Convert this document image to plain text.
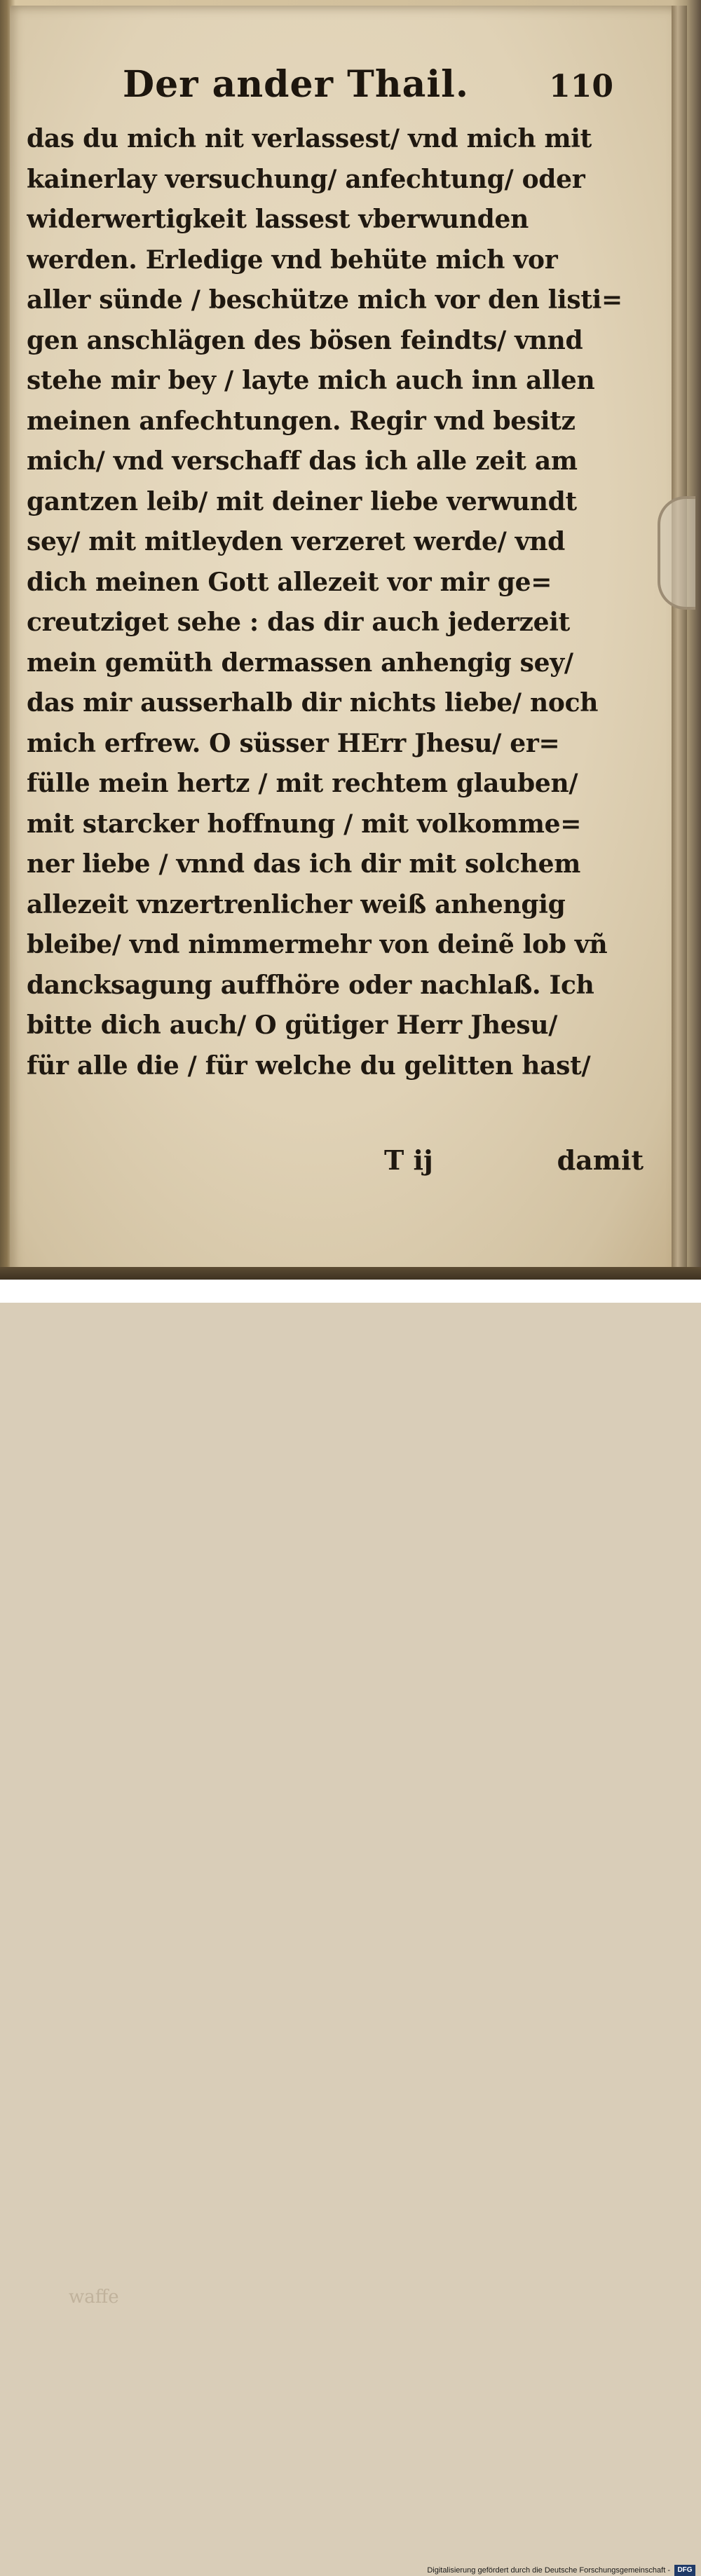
Der ander Thail.	110
das du mich nit verlassest/ vnd mich mit
kainerlay versuchung/ anfechtung/ oder
widerwertigkeit lassest vberwunden
werden. Erledige vnd behüte mich vor
aller sünde / beschütze mich vor den listi=
gen anschlägen des bösen feindts/ vnnd
stehe mir bey / layte mich auch inn allen
meinen anfechtungen. Regir vnd besitz
mich/ vnd verschaff das ich alle zeit am
gantzen leib/ mit deiner liebe verwundt
sey/ mit mitleyden verzeret werde/ vnd
dich meinen Gott allezeit vor mir ge=
creutziget sehe : das dir auch jederzeit
mein gemüth dermassen anhengig sey/
das mir ausserhalb dir nichts liebe/ noch
mich erfrew. O süsser HErr Jhesu/ er=
fülle mein hertz / mit rechtem glauben/
mit starcker hoffnung / mit volkomme=
ner liebe / vnnd das ich dir mit solchem
allezeit vnzertrenlicher weiß anhengig
bleibe/ vnd nimmermehr von deinẽ lob vñ
dancksagung auffhöre oder nachlaß. Ich
bitte dich auch/ O gütiger Herr Jhesu/
für alle die / für welche du gelitten hast/
waffe
T ij	damit
Digitalisierung gefördert durch die Deutsche Forschungsgemeinschaft -	DFG
